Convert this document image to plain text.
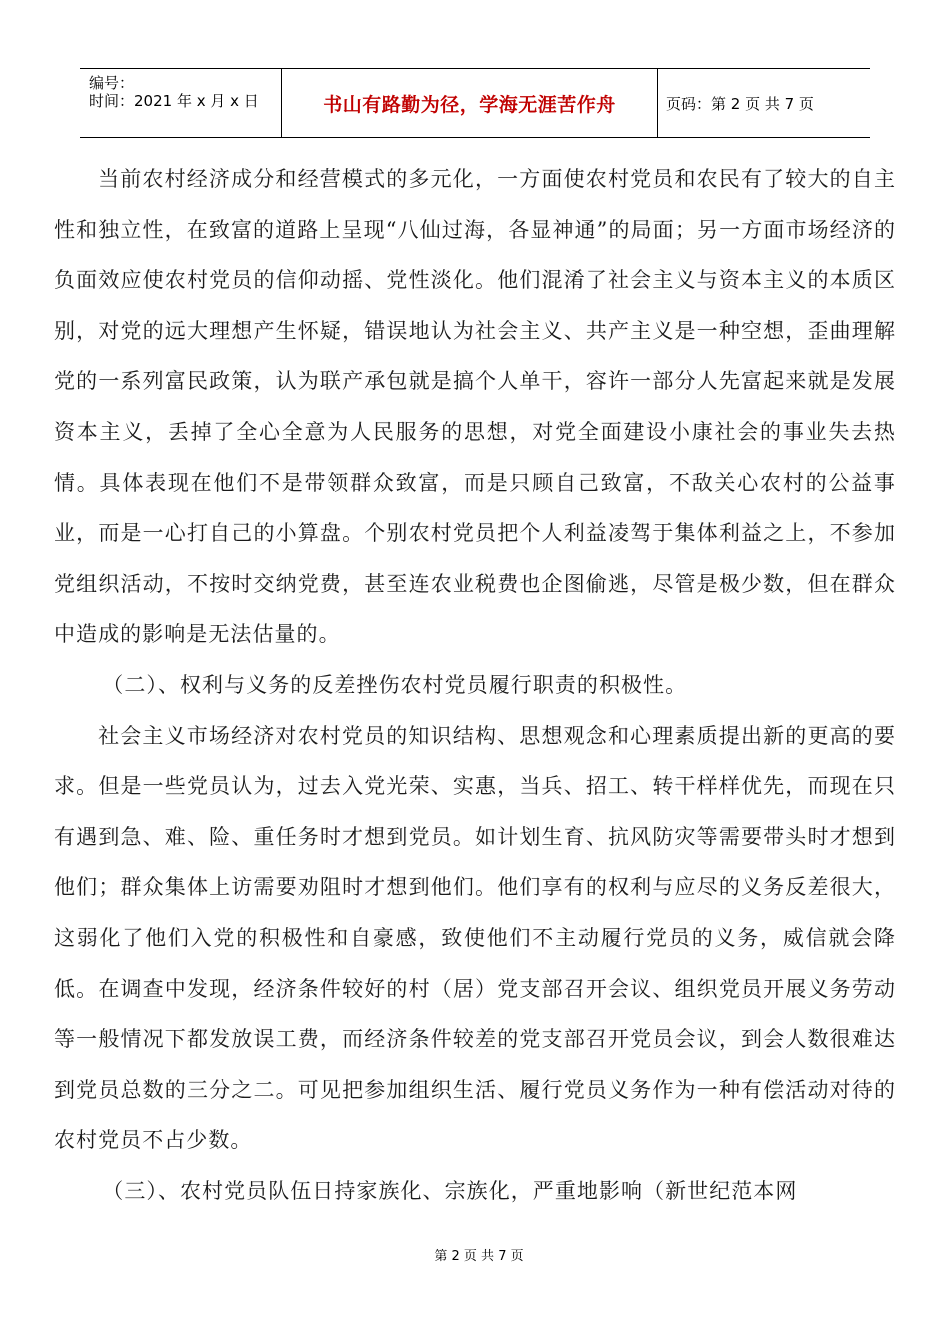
编号：
时间：2021 年 x 月 x 日	书山有路勤为径，学海无涯苦作舟	页码：第 2 页 共 7 页

当前农村经济成分和经营模式的多元化，一方面使农村党员和农民有了较大的自主性和独立性，在致富的道路上呈现“八仙过海，各显神通”的局面；另一方面市场经济的负面效应使农村党员的信仰动摇、党性淡化。他们混淆了社会主义与资本主义的本质区别，对党的远大理想产生怀疑，错误地认为社会主义、共产主义是一种空想，歪曲理解党的一系列富民政策，认为联产承包就是搞个人单干，容许一部分人先富起来就是发展资本主义，丢掉了全心全意为人民服务的思想，对党全面建设小康社会的事业失去热情。具体表现在他们不是带领群众致富，而是只顾自己致富，不敌关心农村的公益事业，而是一心打自己的小算盘。个别农村党员把个人利益凌驾于集体利益之上，不参加党组织活动，不按时交纳党费，甚至连农业税费也企图偷逃，尽管是极少数，但在群众中造成的影响是无法估量的。

（二）、权利与义务的反差挫伤农村党员履行职责的积极性。

社会主义市场经济对农村党员的知识结构、思想观念和心理素质提出新的更高的要求。但是一些党员认为，过去入党光荣、实惠，当兵、招工、转干样样优先，而现在只有遇到急、难、险、重任务时才想到党员。如计划生育、抗风防灾等需要带头时才想到他们；群众集体上访需要劝阻时才想到他们。他们享有的权利与应尽的义务反差很大，这弱化了他们入党的积极性和自豪感，致使他们不主动履行党员的义务，威信就会降低。在调查中发现，经济条件较好的村（居）党支部召开会议、组织党员开展义务劳动等一般情况下都发放误工费，而经济条件较差的党支部召开党员会议，到会人数很难达到党员总数的三分之二。可见把参加组织生活、履行党员义务作为一种有偿活动对待的农村党员不占少数。

（三）、农村党员队伍日持家族化、宗族化，严重地影响（新世纪范本网

第 2 页 共 7 页
